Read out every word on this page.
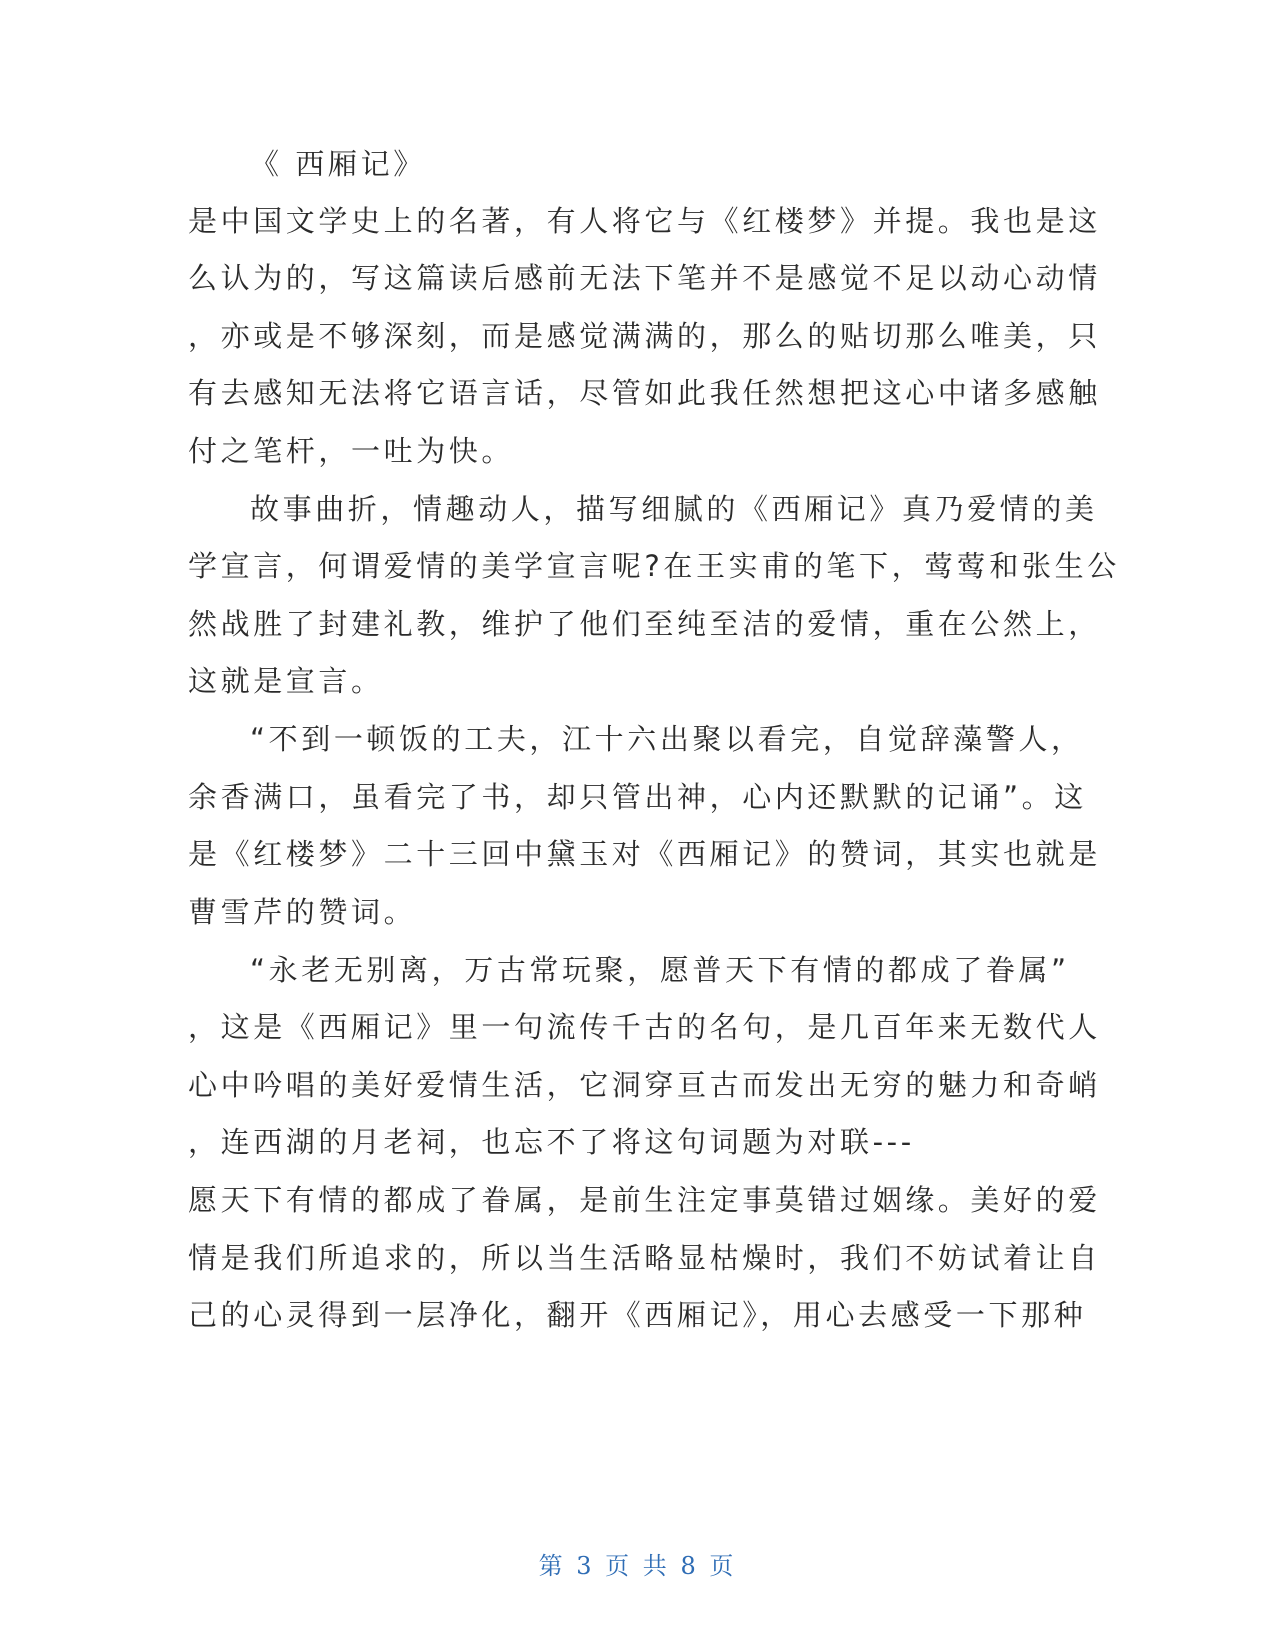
《 西厢记》
是中国文学史上的名著，有人将它与《红楼梦》并提。我也是这
么认为的，写这篇读后感前无法下笔并不是感觉不足以动心动情
，亦或是不够深刻，而是感觉满满的，那么的贴切那么唯美，只
有去感知无法将它语言话，尽管如此我任然想把这心中诸多感触
付之笔杆，一吐为快。
故事曲折，情趣动人，描写细腻的《西厢记》真乃爱情的美
学宣言，何谓爱情的美学宣言呢?在王实甫的笔下，莺莺和张生公
然战胜了封建礼教，维护了他们至纯至洁的爱情，重在公然上，
这就是宣言。
“不到一顿饭的工夫，江十六出聚以看完，自觉辞藻警人，
余香满口，虽看完了书，却只管出神，心内还默默的记诵”。这
是《红楼梦》二十三回中黛玉对《西厢记》的赞词，其实也就是
曹雪芹的赞词。
“永老无别离，万古常玩聚，愿普天下有情的都成了眷属”
，这是《西厢记》里一句流传千古的名句，是几百年来无数代人
心中吟唱的美好爱情生活，它洞穿亘古而发出无穷的魅力和奇峭
，连西湖的月老祠，也忘不了将这句词题为对联---
愿天下有情的都成了眷属，是前生注定事莫错过姻缘。美好的爱
情是我们所追求的，所以当生活略显枯燥时，我们不妨试着让自
己的心灵得到一层净化，翻开《西厢记》，用心去感受一下那种
第 3 页 共 8 页
